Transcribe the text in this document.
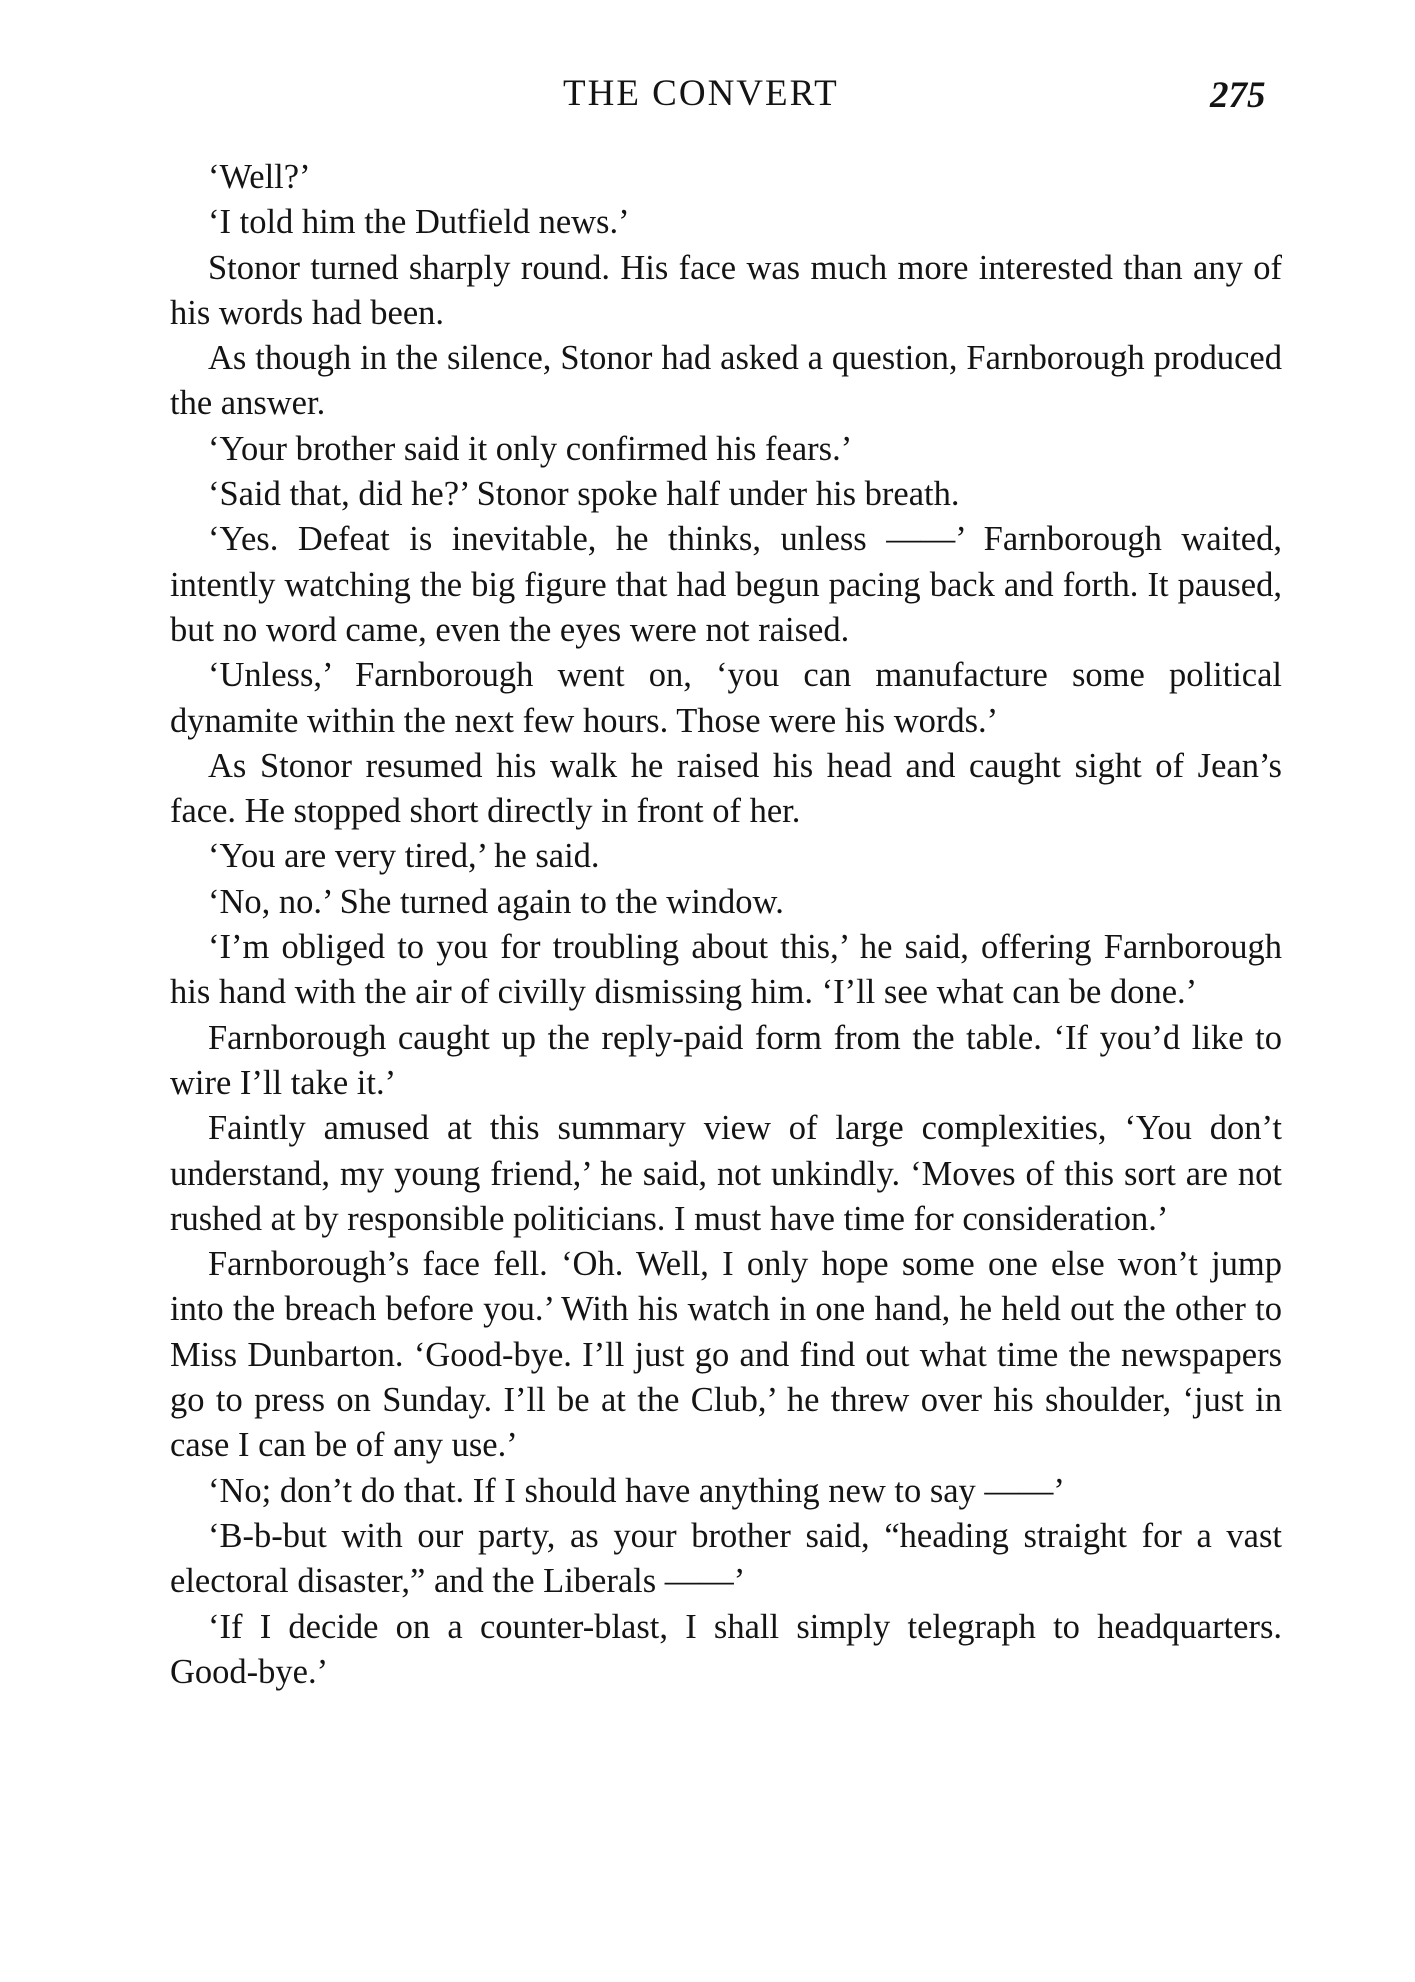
THE CONVERT	275

‘Well?’

‘I told him the Dutfield news.’

Stonor turned sharply round. His face was much more interested than any of his words had been.

As though in the silence, Stonor had asked a question, Farnborough produced the answer.

‘Your brother said it only confirmed his fears.’

‘Said that, did he?’ Stonor spoke half under his breath.

‘Yes. Defeat is inevitable, he thinks, unless ——’ Farnborough waited, intently watching the big figure that had begun pacing back and forth. It paused, but no word came, even the eyes were not raised.

‘Unless,’ Farnborough went on, ‘you can manufacture some political dynamite within the next few hours. Those were his words.’

As Stonor resumed his walk he raised his head and caught sight of Jean’s face. He stopped short directly in front of her.

‘You are very tired,’ he said.

‘No, no.’ She turned again to the window.

‘I’m obliged to you for troubling about this,’ he said, offering Farnborough his hand with the air of civilly dismissing him. ‘I’ll see what can be done.’

Farnborough caught up the reply-paid form from the table. ‘If you’d like to wire I’ll take it.’

Faintly amused at this summary view of large complexities, ‘You don’t understand, my young friend,’ he said, not unkindly. ‘Moves of this sort are not rushed at by responsible politicians. I must have time for consideration.’

Farnborough’s face fell. ‘Oh. Well, I only hope some one else won’t jump into the breach before you.’ With his watch in one hand, he held out the other to Miss Dunbarton. ‘Good-bye. I’ll just go and find out what time the newspapers go to press on Sunday. I’ll be at the Club,’ he threw over his shoulder, ‘just in case I can be of any use.’

‘No; don’t do that. If I should have anything new to say ——’

‘B-b-but with our party, as your brother said, “heading straight for a vast electoral disaster,” and the Liberals ——’

‘If I decide on a counter-blast, I shall simply telegraph to headquarters. Good-bye.’
